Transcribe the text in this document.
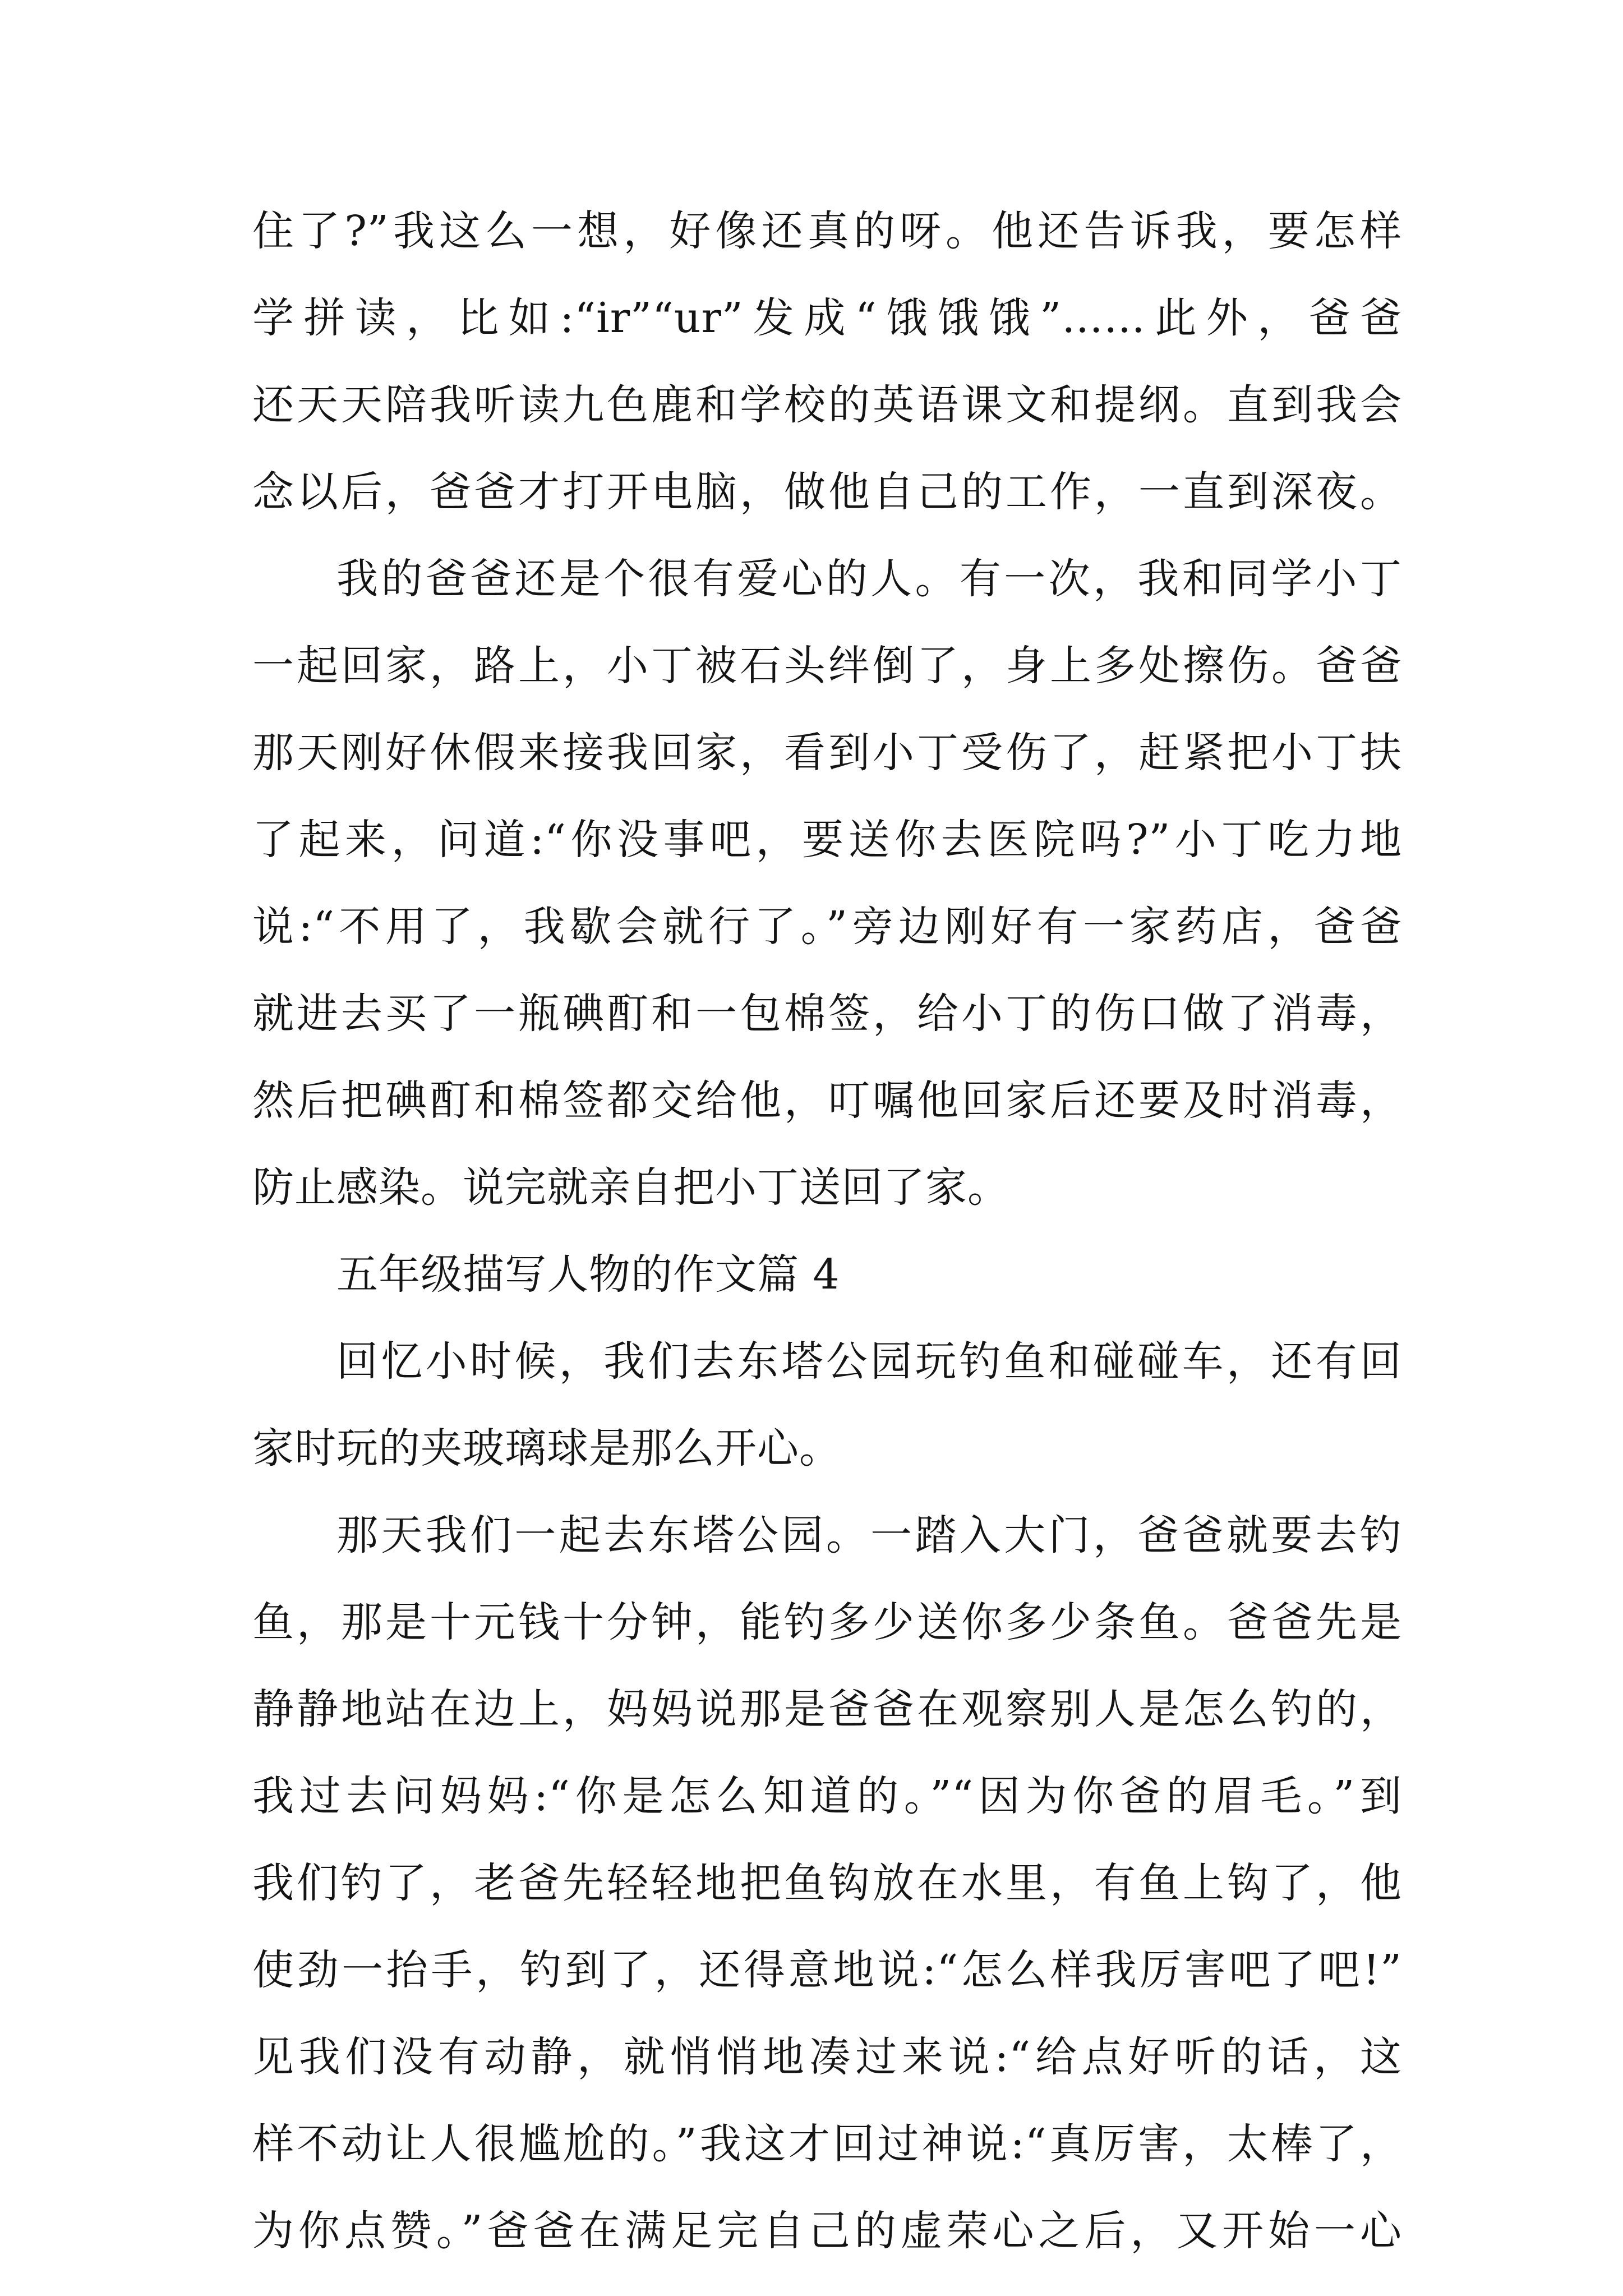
住了?”我这么一想，好像还真的呀。他还告诉我，要怎样

学拼读，比如:“ir”“ur”发成“饿饿饿”……此外，爸爸

还天天陪我听读九色鹿和学校的英语课文和提纲。直到我会

念以后，爸爸才打开电脑，做他自己的工作，一直到深夜。

我的爸爸还是个很有爱心的人。有一次，我和同学小丁

一起回家，路上，小丁被石头绊倒了，身上多处擦伤。爸爸

那天刚好休假来接我回家，看到小丁受伤了，赶紧把小丁扶

了起来，问道:“你没事吧，要送你去医院吗?”小丁吃力地

说:“不用了，我歇会就行了。”旁边刚好有一家药店，爸爸

就进去买了一瓶碘酊和一包棉签，给小丁的伤口做了消毒，

然后把碘酊和棉签都交给他，叮嘱他回家后还要及时消毒，

防止感染。说完就亲自把小丁送回了家。

五年级描写人物的作文篇 4

回忆小时候，我们去东塔公园玩钓鱼和碰碰车，还有回

家时玩的夹玻璃球是那么开心。

那天我们一起去东塔公园。一踏入大门，爸爸就要去钓

鱼，那是十元钱十分钟，能钓多少送你多少条鱼。爸爸先是

静静地站在边上，妈妈说那是爸爸在观察别人是怎么钓的，

我过去问妈妈:“你是怎么知道的。”“因为你爸的眉毛。”到

我们钓了，老爸先轻轻地把鱼钩放在水里，有鱼上钩了，他

使劲一抬手，钓到了，还得意地说:“怎么样我厉害吧了吧!”

见我们没有动静，就悄悄地凑过来说:“给点好听的话，这

样不动让人很尴尬的。”我这才回过神说:“真厉害，太棒了，

为你点赞。”爸爸在满足完自己的虚荣心之后，又开始一心
